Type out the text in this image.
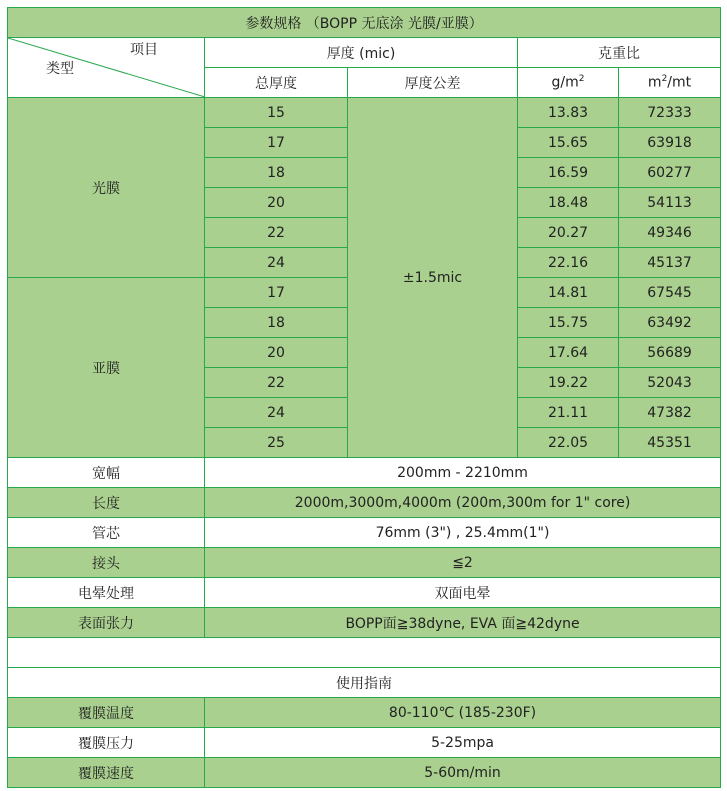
参数规格 （BOPP 无底涂 光膜/亚膜）				

项目
类型	厚度 (mic)		克重比	
	总厚度	厚度公差	$g/m^2$	$m^2/mt$
光膜	15	±1.5mic	13.83	72333
	17		15.65	63918
	18		16.59	60277
	20		18.48	54113
	22		20.27	49346
	24		22.16	45137
亚膜	17		14.81	67545
	18		15.75	63492
	20		17.64	56689
	22		19.22	52043
	24		21.11	47382
	25		22.05	45351
宽幅	200mm - 2210mm			
长度	2000m,3000m,4000m (200m,300m for 1" core)			
管芯	76mm (3") , 25.4mm(1")			
接头	≦2			
电晕处理	双面电晕			
表面张力	BOPP面≧38dyne, EVA 面≧42dyne			

使用指南				
覆膜温度	80-110℃ (185-230F)			
覆膜压力	5-25mpa			
覆膜速度	5-60m/min			
